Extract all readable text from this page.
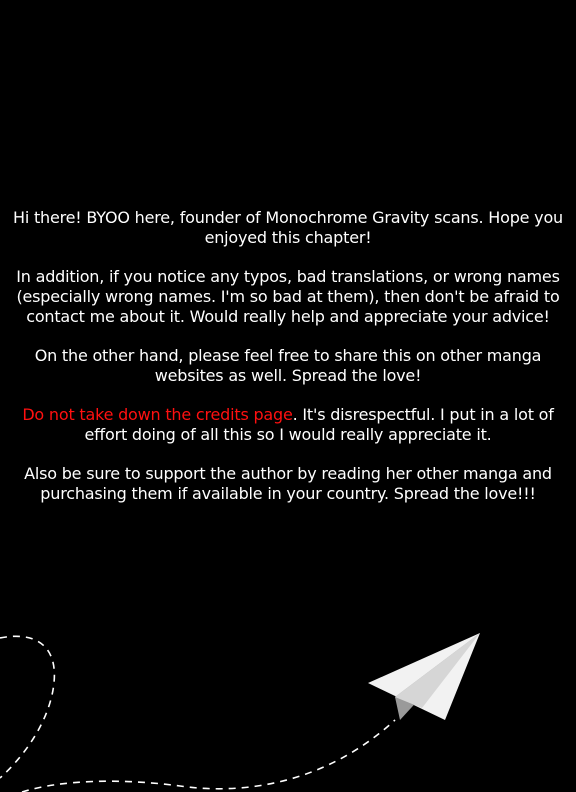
Hi there! BYOO here, founder of Monochrome Gravity scans. Hope you enjoyed this chapter!

In addition, if you notice any typos, bad translations, or wrong names (especially wrong names. I'm so bad at them), then don't be afraid to contact me about it. Would really help and appreciate your advice!

On the other hand, please feel free to share this on other manga websites as well. Spread the love!

Do not take down the credits page. It's disrespectful. I put in a lot of effort doing of all this so I would really appreciate it.

Also be sure to support the author by reading her other manga and purchasing them if available in your country. Spread the love!!!
